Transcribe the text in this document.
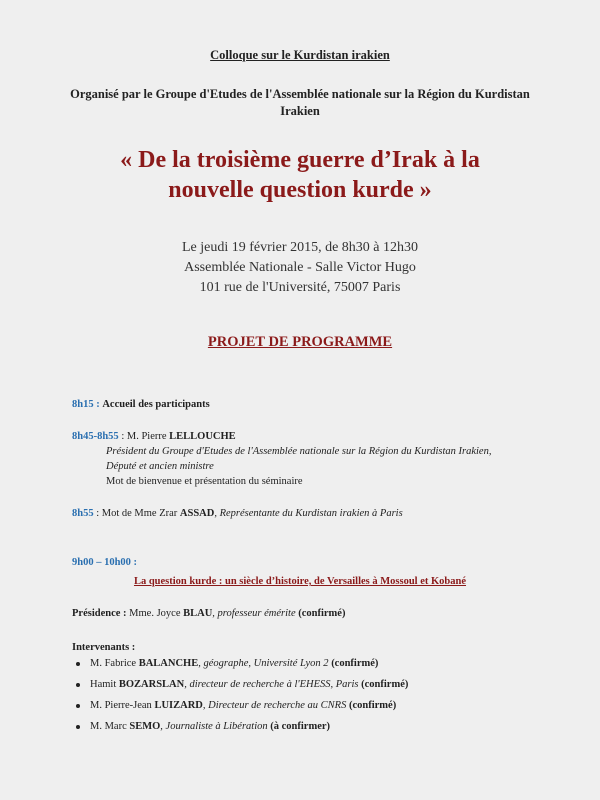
Colloque sur le Kurdistan irakien
Organisé par le Groupe d'Etudes de l'Assemblée nationale sur la Région du Kurdistan Irakien
« De la troisième guerre d’Irak à la
nouvelle question kurde »
Le jeudi 19 février 2015, de 8h30 à 12h30
Assemblée Nationale - Salle Victor Hugo
101 rue de l'Université, 75007 Paris
PROJET DE PROGRAMME
8h15 : Accueil des participants
8h45-8h55 : M. Pierre LELLOUCHE
Président du Groupe d'Etudes de l'Assemblée nationale sur la Région du Kurdistan Irakien,
Député et ancien ministre
Mot de bienvenue et présentation du séminaire
8h55 : Mot de Mme Zrar ASSAD, Représentante du Kurdistan irakien à Paris
9h00 – 10h00 :
La question kurde : un siècle d’histoire, de Versailles à Mossoul et Kobané
Présidence : Mme. Joyce BLAU, professeur émérite (confirmé)
Intervenants :
M. Fabrice BALANCHE, géographe, Université Lyon 2 (confirmé)
Hamit BOZARSLAN, directeur de recherche à l'EHESS, Paris (confirmé)
M. Pierre-Jean LUIZARD, Directeur de recherche au CNRS (confirmé)
M. Marc SEMO, Journaliste à Libération (à confirmer)
